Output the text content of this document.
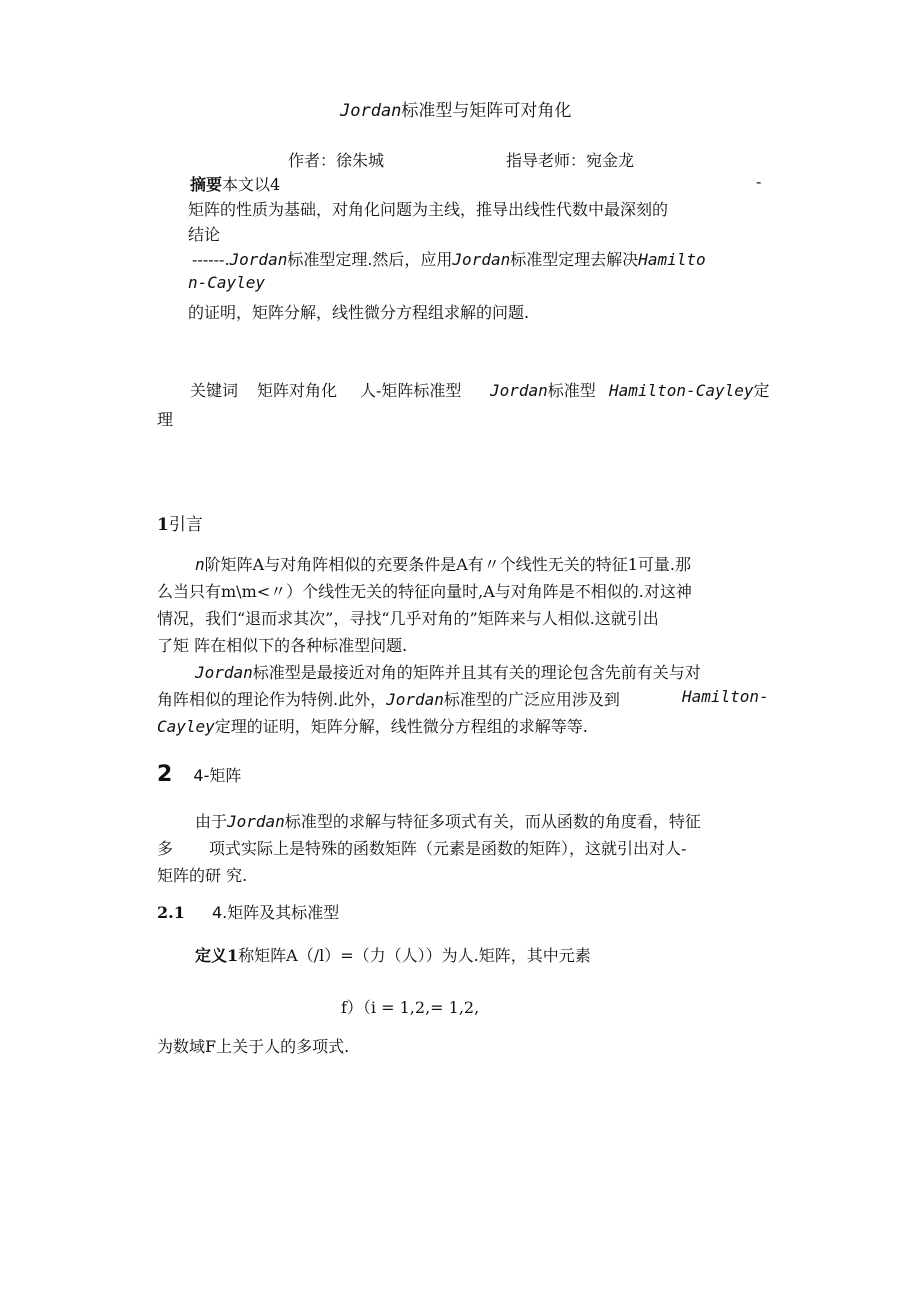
Jordan标准型与矩阵可对角化
作者：徐朱城	指导老师：宛金龙
摘要本文以4	-
矩阵的性质为基础，对角化问题为主线，推导出线性代数中最深刻的
结论
------.Jordan标准型定理.然后，应用Jordan标准型定理去解决Hamilto
n-Cayley
的证明，矩阵分解，线性微分方程组求解的问题.
关键词 矩阵对角化 人-矩阵标准型 Jordan标准型 Hamilton-Cayley定
理
1引言
n阶矩阵A与对角阵相似的充要条件是A有〃个线性无关的特征1可量.那
么当只有m\m<〃）个线性无关的特征向量时,A与对角阵是不相似的.对这神
情况，我们“退而求其次”，寻找“几乎对角的”矩阵来与人相似.这就引出
了矩 阵在相似下的各种标准型问题.
Jordan标准型是最接近对角的矩阵并且其有关的理论包含先前有关与对
角阵相似的理论作为特例.此外，Jordan标准型的广泛应用涉及到	Hamilton-
Cayley定理的证明，矩阵分解，线性微分方程组的求解等等.
2 4-矩阵
由于Jordan标准型的求解与特征多项式有关，而从函数的角度看，特征
多 项式实际上是特殊的函数矩阵（元素是函数的矩阵），这就引出对人-
矩阵的研 究.
2.1 4.矩阵及其标准型
定义1称矩阵A（/l）=（力（人））为人.矩阵，其中元素
f）（i = 1,2,= 1,2,
为数域F上关于人的多项式.
